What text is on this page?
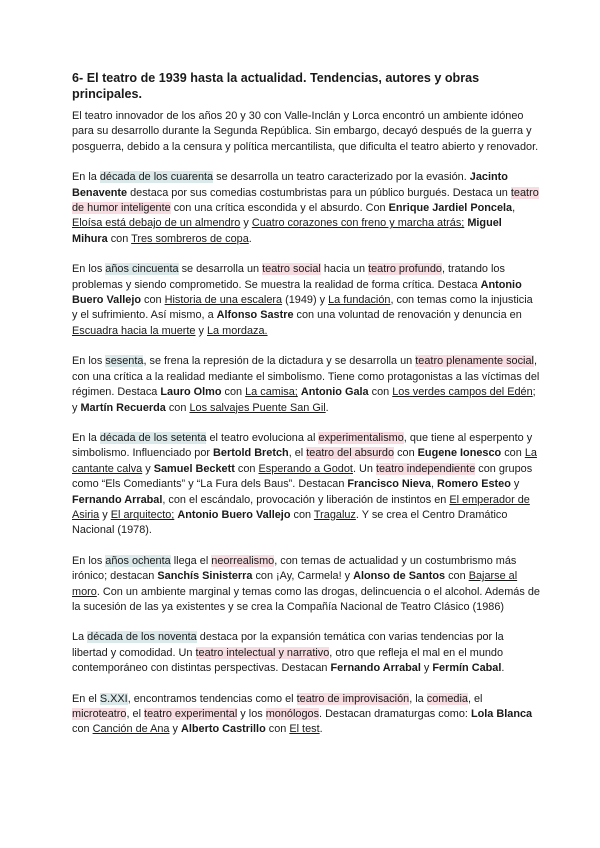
6- El teatro de 1939 hasta la actualidad. Tendencias, autores y obras principales.

El teatro innovador de los años 20 y 30 con Valle-Inclán y Lorca encontró un ambiente idóneo para su desarrollo durante la Segunda República. Sin embargo, decayó después de la guerra y posguerra, debido a la censura y política mercantilista, que dificulta el teatro abierto y renovador.

En la década de los cuarenta se desarrolla un teatro caracterizado por la evasión. Jacinto Benavente destaca por sus comedias costumbristas para un público burgués. Destaca un teatro de humor inteligente con una crítica escondida y el absurdo. Con Enrique Jardiel Poncela, Eloísa está debajo de un almendro y Cuatro corazones con freno y marcha atrás; Miguel Mihura con Tres sombreros de copa.

En los años cincuenta se desarrolla un teatro social hacia un teatro profundo, tratando los problemas y siendo comprometido. Se muestra la realidad de forma crítica. Destaca Antonio Buero Vallejo con Historia de una escalera (1949) y La fundación, con temas como la injusticia y el sufrimiento. Así mismo, a Alfonso Sastre con una voluntad de renovación y denuncia en Escuadra hacia la muerte y La mordaza.

En los sesenta, se frena la represión de la dictadura y se desarrolla un teatro plenamente social, con una crítica a la realidad mediante el simbolismo. Tiene como protagonistas a las víctimas del régimen. Destaca Lauro Olmo con La camisa; Antonio Gala con Los verdes campos del Edén; y Martín Recuerda con Los salvajes Puente San Gil.

En la década de los setenta el teatro evoluciona al experimentalismo, que tiene al esperpento y simbolismo. Influenciado por Bertold Bretch, el teatro del absurdo con Eugene Ionesco con La cantante calva y Samuel Beckett con Esperando a Godot. Un teatro independiente con grupos como “Els Comediants” y “La Fura dels Baus”. Destacan Francisco Nieva, Romero Esteo y Fernando Arrabal, con el escándalo, provocación y liberación de instintos en El emperador de Asiria y El arquitecto; Antonio Buero Vallejo con Tragaluz. Y se crea el Centro Dramático Nacional (1978).

En los años ochenta llega el neorrealismo, con temas de actualidad y un costumbrismo más irónico; destacan Sanchís Sinisterra con ¡Ay, Carmela! y Alonso de Santos con Bajarse al moro. Con un ambiente marginal y temas como las drogas, delincuencia o el alcohol. Además de la sucesión de las ya existentes y se crea la Compañía Nacional de Teatro Clásico (1986)

La década de los noventa destaca por la expansión temática con varias tendencias por la libertad y comodidad. Un teatro intelectual y narrativo, otro que refleja el mal en el mundo contemporáneo con distintas perspectivas. Destacan Fernando Arrabal y Fermín Cabal.

En el S.XXI, encontramos tendencias como el teatro de improvisación, la comedia, el microteatro, el teatro experimental y los monólogos. Destacan dramaturgas como: Lola Blanca con Canción de Ana y Alberto Castrillo con El test.
